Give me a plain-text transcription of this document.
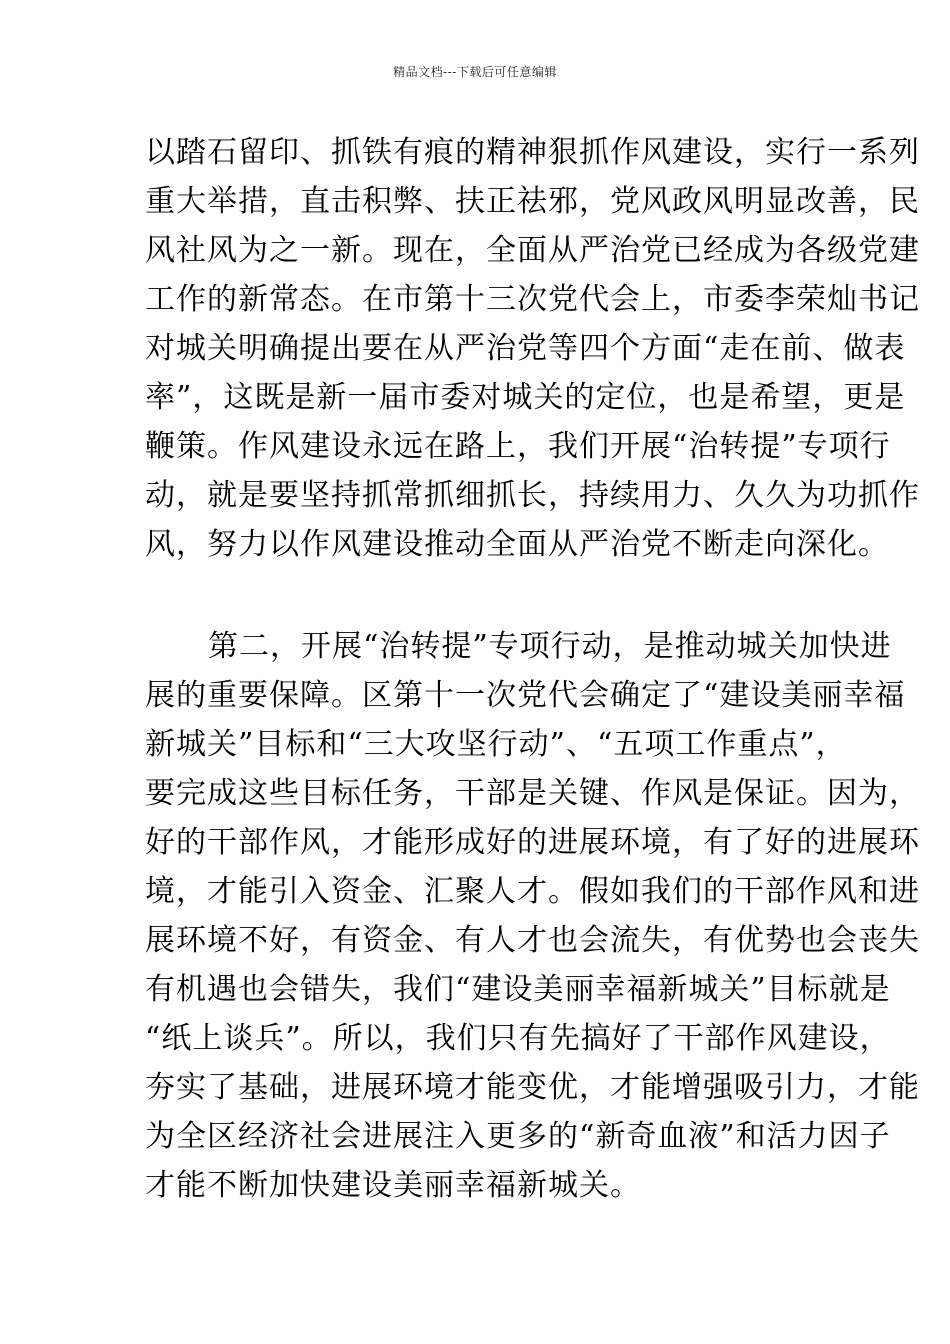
精品文档---下载后可任意编辑
以踏石留印、抓铁有痕的精神狠抓作风建设，实行一系列
重大举措，直击积弊、扶正祛邪，党风政风明显改善，民
风社风为之一新。现在，全面从严治党已经成为各级党建
工作的新常态。在市第十三次党代会上，市委李荣灿书记
对城关明确提出要在从严治党等四个方面“走在前、做表
率”，这既是新一届市委对城关的定位，也是希望，更是
鞭策。作风建设永远在路上，我们开展“治转提”专项行
动，就是要坚持抓常抓细抓长，持续用力、久久为功抓作
风，努力以作风建设推动全面从严治党不断走向深化。
第二，开展“治转提”专项行动，是推动城关加快进
展的重要保障。区第十一次党代会确定了“建设美丽幸福
新城关”目标和“三大攻坚行动”、“五项工作重点”，
要完成这些目标任务，干部是关键、作风是保证。因为，
好的干部作风，才能形成好的进展环境，有了好的进展环
境，才能引入资金、汇聚人才。假如我们的干部作风和进
展环境不好，有资金、有人才也会流失，有优势也会丧失
有机遇也会错失，我们“建设美丽幸福新城关”目标就是
“纸上谈兵”。所以，我们只有先搞好了干部作风建设，
夯实了基础，进展环境才能变优，才能增强吸引力，才能
为全区经济社会进展注入更多的“新奇血液”和活力因子
才能不断加快建设美丽幸福新城关。
